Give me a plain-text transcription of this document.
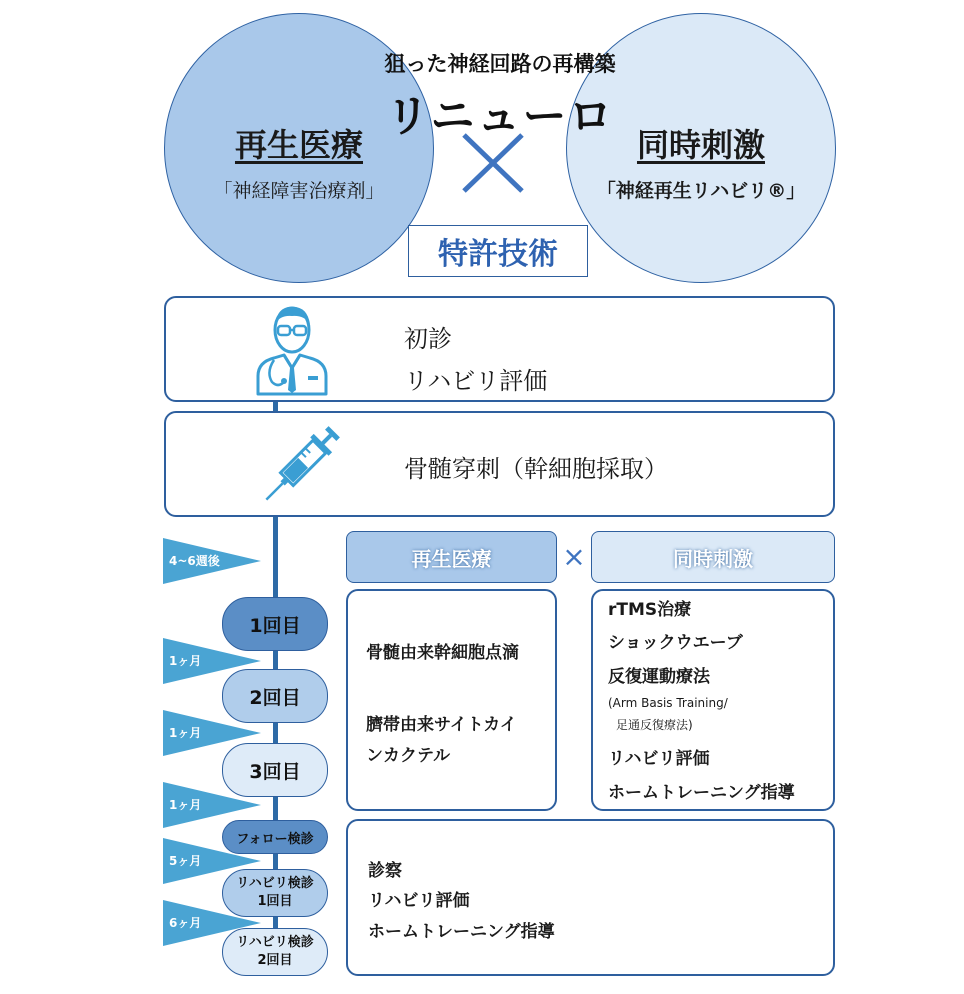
狙った神経回路の再構築
リニューロ
再生医療
「神経障害治療剤」
同時刺激
「神経再生リハビリ®」
特許技術
初診
リハビリ評価
骨髄穿刺（幹細胞採取）
4~6週後
1ヶ月
1ヶ月
1ヶ月
5ヶ月
6ヶ月
1回目
2回目
3回目
フォロー検診
リハビリ検診
1回目
リハビリ検診
2回目
再生医療	×	同時刺激
骨髄由来幹細胞点滴
臍帯由来サイトカイ
ンカクテル
rTMS治療
ショックウエーブ
反復運動療法
(Arm Basis Training/
足通反復療法)
リハビリ評価
ホームトレーニング指導
診察
リハビリ評価
ホームトレーニング指導
